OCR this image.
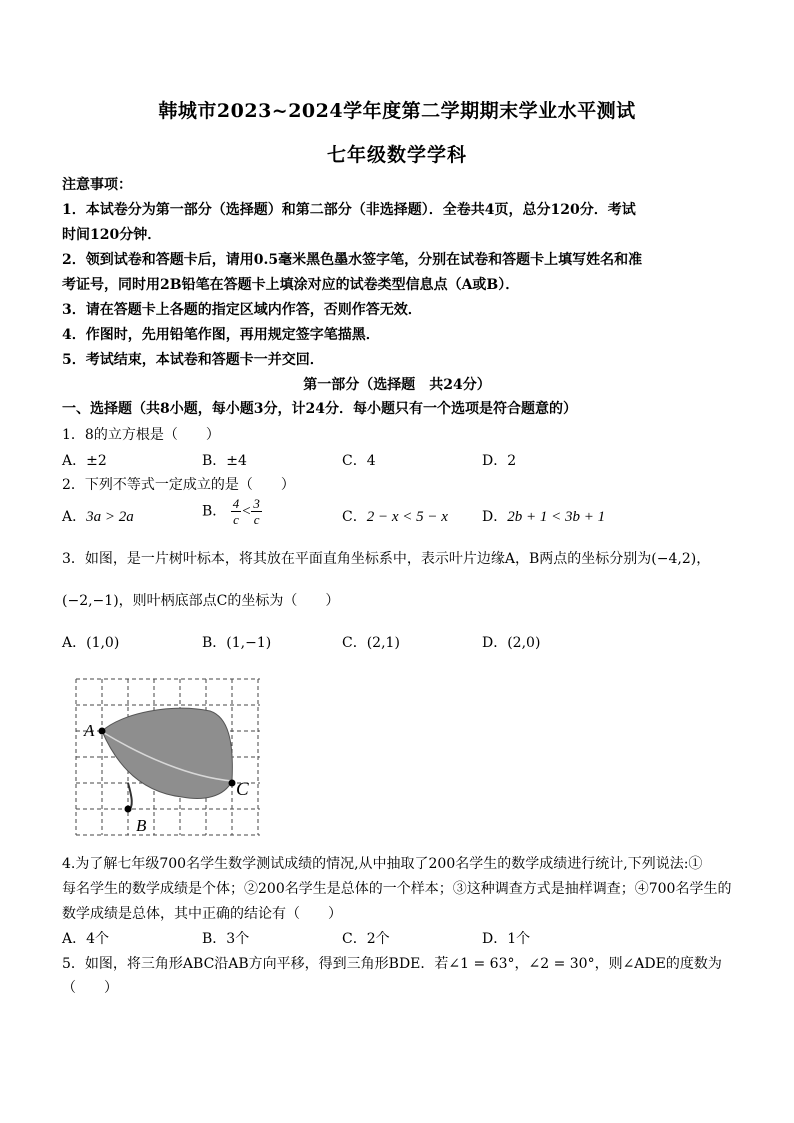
韩城市2023~2024学年度第二学期期末学业水平测试
七年级数学学科
注意事项：
1．本试卷分为第一部分（选择题）和第二部分（非选择题）．全卷共4页，总分120分．考试
时间120分钟．
2．领到试卷和答题卡后，请用0.5毫米黑色墨水签字笔，分别在试卷和答题卡上填写姓名和准
考证号，同时用2B铅笔在答题卡上填涂对应的试卷类型信息点（A或B）．
3．请在答题卡上各题的指定区域内作答，否则作答无效．
4．作图时，先用铅笔作图，再用规定签字笔描黑．
5．考试结束，本试卷和答题卡一并交回．
第一部分（选择题　共24分）
一、选择题（共8小题，每小题3分，计24分．每小题只有一个选项是符合题意的）
1．8的立方根是（　　）
A．±2	B．±4	C．4	D．2
2．下列不等式一定成立的是（　　）
A．3a > 2a	B． $\frac{4}{c} < \frac{3}{c}$	C．2 − x < 5 − x D．2b + 1 < 3b + 1
3．如图，是一片树叶标本，将其放在平面直角坐标系中，表示叶片边缘A，B两点的坐标分别为(−4,2)，
(−2,−1)，则叶柄底部点C的坐标为（　　）
A．(1,0)	B．(1,−1)	C．(2,1)	D．(2,0)
A
B
C
4.为了解七年级700名学生数学测试成绩的情况,从中抽取了200名学生的数学成绩进行统计,下列说法:①
每名学生的数学成绩是个体；②200名学生是总体的一个样本；③这种调查方式是抽样调查；④700名学生的
数学成绩是总体，其中正确的结论有（　　）
A．4个	B．3个	C．2个	D．1个
5．如图，将三角形ABC沿AB方向平移，得到三角形BDE．若∠1 = 63°，∠2 = 30°，则∠ADE的度数为
（　　）
